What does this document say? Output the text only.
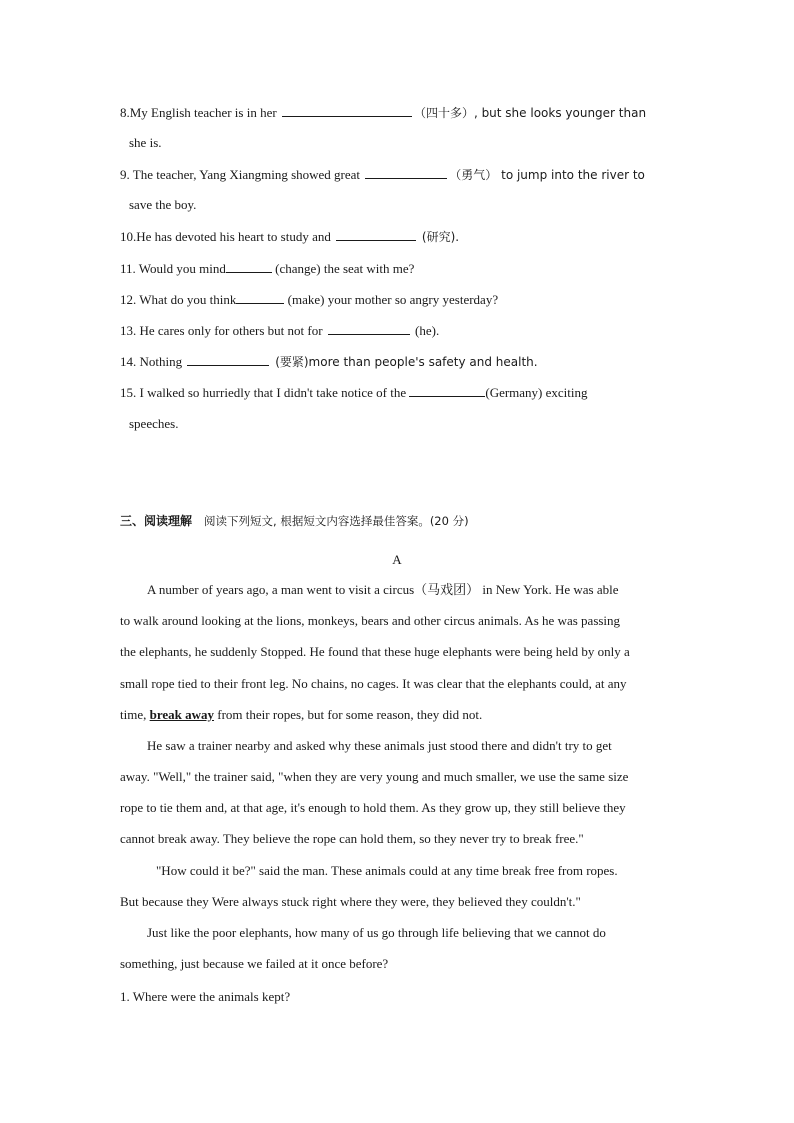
8.My English teacher is in her	（四十多）, but she looks younger than
she is.
9. The teacher, Yang Xiangming showed great	（勇气） to jump into the river to
save the boy.
10.He has devoted his heart to study and	(研究).
11. Would you mind	(change) the seat with me?
12. What do you think	(make) your mother so angry yesterday?
13. He cares only for others but not for	(he).
14. Nothing	(要紧)more than people's safety and health.
15. I walked so hurriedly that I didn't take notice of the	(Germany) exciting
speeches.
三、阅读理解 阅读下列短文, 根据短文内容选择最佳答案。(20 分)
A
A number of years ago, a man went to visit a circus（马戏团） in New York. He was able
to walk around looking at the lions, monkeys, bears and other circus animals. As he was passing
the elephants, he suddenly Stopped. He found that these huge elephants were being held by only a
small rope tied to their front leg. No chains, no cages. It was clear that the elephants could, at any
time, break away from their ropes, but for some reason, they did not.
He saw a trainer nearby and asked why these animals just stood there and didn't try to get
away. "Well," the trainer said, "when they are very young and much smaller, we use the same size
rope to tie them and, at that age, it's enough to hold them. As they grow up, they still believe they
cannot break away. They believe the rope can hold them, so they never try to break free."
"How could it be?" said the man. These animals could at any time break free from ropes.
But because they Were always stuck right where they were, they believed they couldn't."
Just like the poor elephants, how many of us go through life believing that we cannot do
something, just because we failed at it once before?
1. Where were the animals kept?
